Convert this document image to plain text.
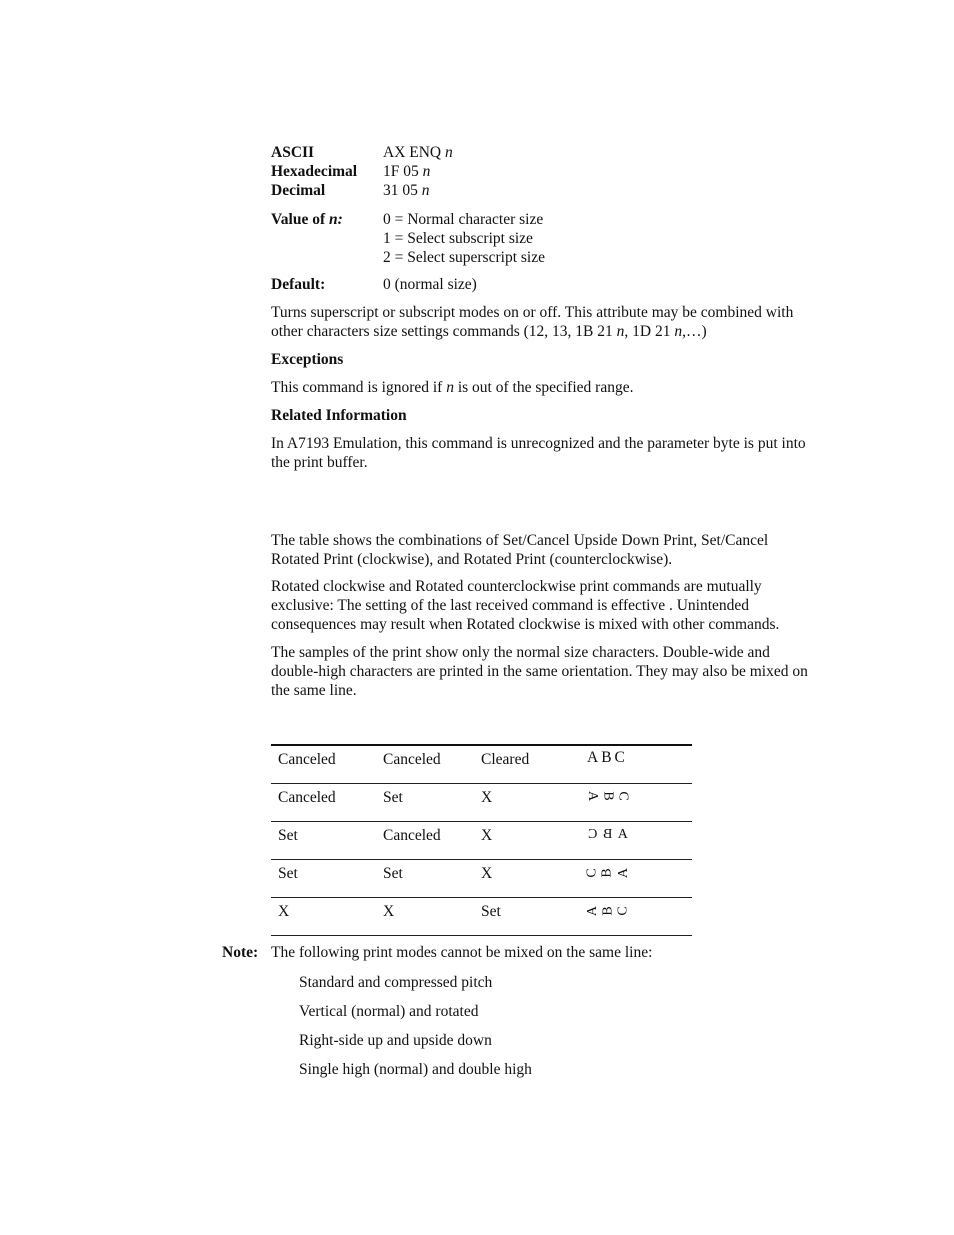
ASCII	AX ENQ n
Hexadecimal 1F 05 n
Decimal	31 05 n
Value of n:	0 = Normal character size
1 = Select subscript size
2 = Select superscript size
Default:	0 (normal size)
Turns superscript or subscript modes on or off. This attribute may be combined with
other characters size settings commands (12, 13, 1B 21 n, 1D 21 n,…)
Exceptions
This command is ignored if n is out of the specified range.
Related Information
In A7193 Emulation, this command is unrecognized and the parameter byte is put into
the print buffer.
The table shows the combinations of Set/Cancel Upside Down Print, Set/Cancel
Rotated Print (clockwise), and Rotated Print (counterclockwise).
Rotated clockwise and Rotated counterclockwise print commands are mutually
exclusive: The setting of the last received command is effective . Unintended
consequences may result when Rotated clockwise is mixed with other commands.
The samples of the print show only the normal size characters. Double-wide and
double-high characters are printed in the same orientation. They may also be mixed on
the same line.
Canceled	Canceled	Cleared	A B C
Canceled	Set	X	ABC
Set	Canceled	X	C B A
Set	Set	X	CBA
X	X	Set	ABC
Note: The following print modes cannot be mixed on the same line:
Standard and compressed pitch
Vertical (normal) and rotated
Right-side up and upside down
Single high (normal) and double high
